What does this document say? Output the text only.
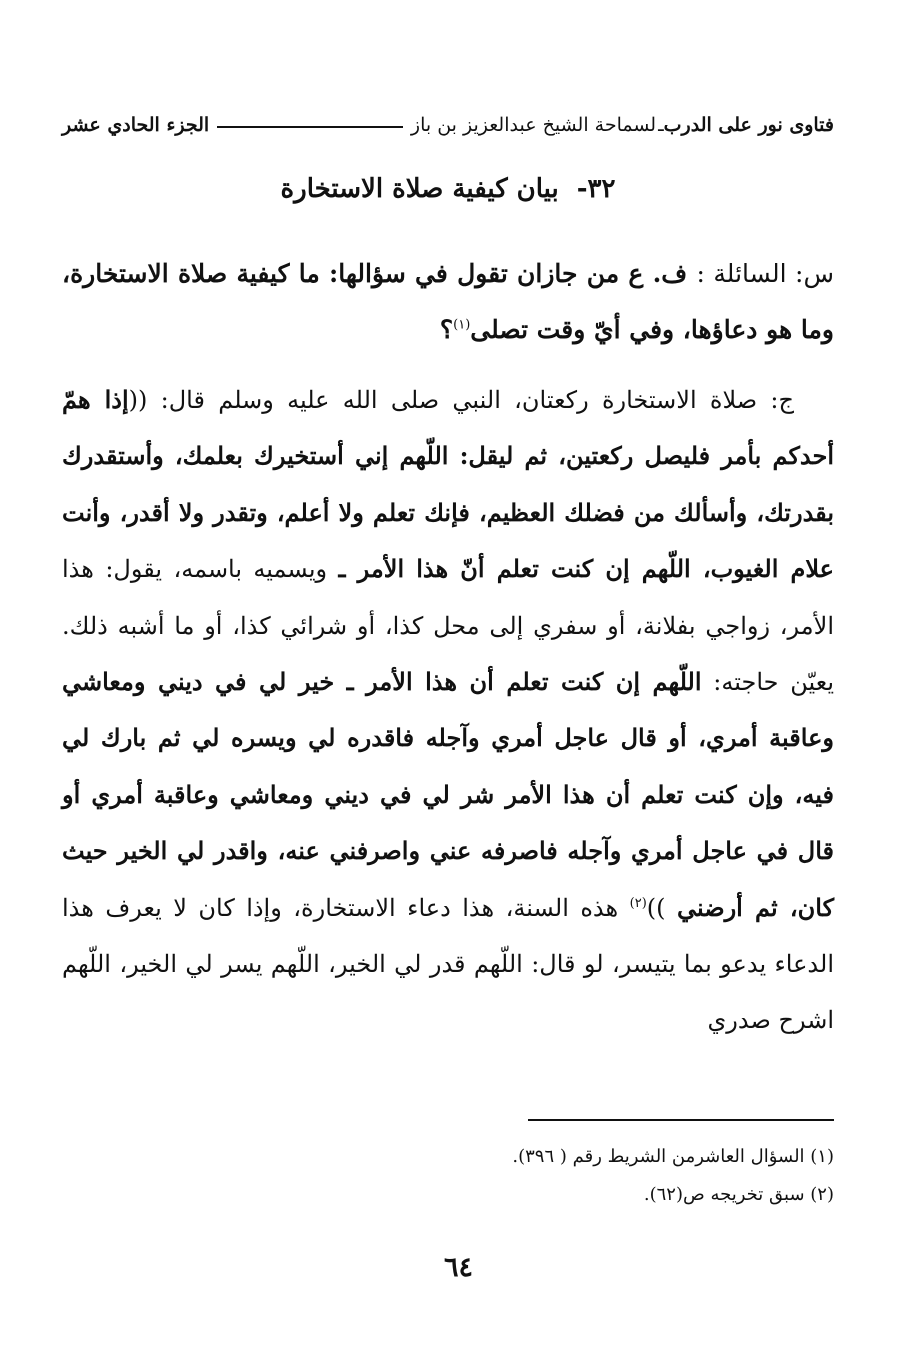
فتاوى نور على الدرب
ـ
لسماحة الشيخ عبدالعزيز بن باز
الجزء الحادي عشر
٣٢-بيان كيفية صلاة الاستخارة
س: السائلة : ف. ع من جازان تقول في سؤالها: ما كيفية صلاة الاستخارة، وما هو دعاؤها، وفي أيّ وقت تصلى$^{(١)}$؟
ج: صلاة الاستخارة ركعتان، النبي صلى الله عليه وسلم قال: ((إذا همّ أحدكم بأمر فليصل ركعتين، ثم ليقل: اللّهم إني أستخيرك بعلمك، وأستقدرك بقدرتك، وأسألك من فضلك العظيم، فإنك تعلم ولا أعلم، وتقدر ولا أقدر، وأنت علام الغيوب، اللّهم إن كنت تعلم أنّ هذا الأمر ـ ويسميه باسمه، يقول: هذا الأمر، زواجي بفلانة، أو سفري إلى محل كذا، أو شرائي كذا، أو ما أشبه ذلك. يعيّن حاجته: اللّهم إن كنت تعلم أن هذا الأمر ـ خير لي في ديني ومعاشي وعاقبة أمري، أو قال عاجل أمري وآجله فاقدره لي ويسره لي ثم بارك لي فيه، وإن كنت تعلم أن هذا الأمر شر لي في ديني ومعاشي وعاقبة أمري أو قال في عاجل أمري وآجله فاصرفه عني واصرفني عنه، واقدر لي الخير حيث كان، ثم أرضني ))$^{(٢)}$ هذه السنة، هذا دعاء الاستخارة، وإذا كان لا يعرف هذا الدعاء يدعو بما يتيسر، لو قال: اللّهم قدر لي الخير، اللّهم يسر لي الخير، اللّهم اشرح صدري
(١) السؤال العاشرمن الشريط رقم ( ٣٩٦).
(٢) سبق تخريجه ص(٦٢).
٦٤
